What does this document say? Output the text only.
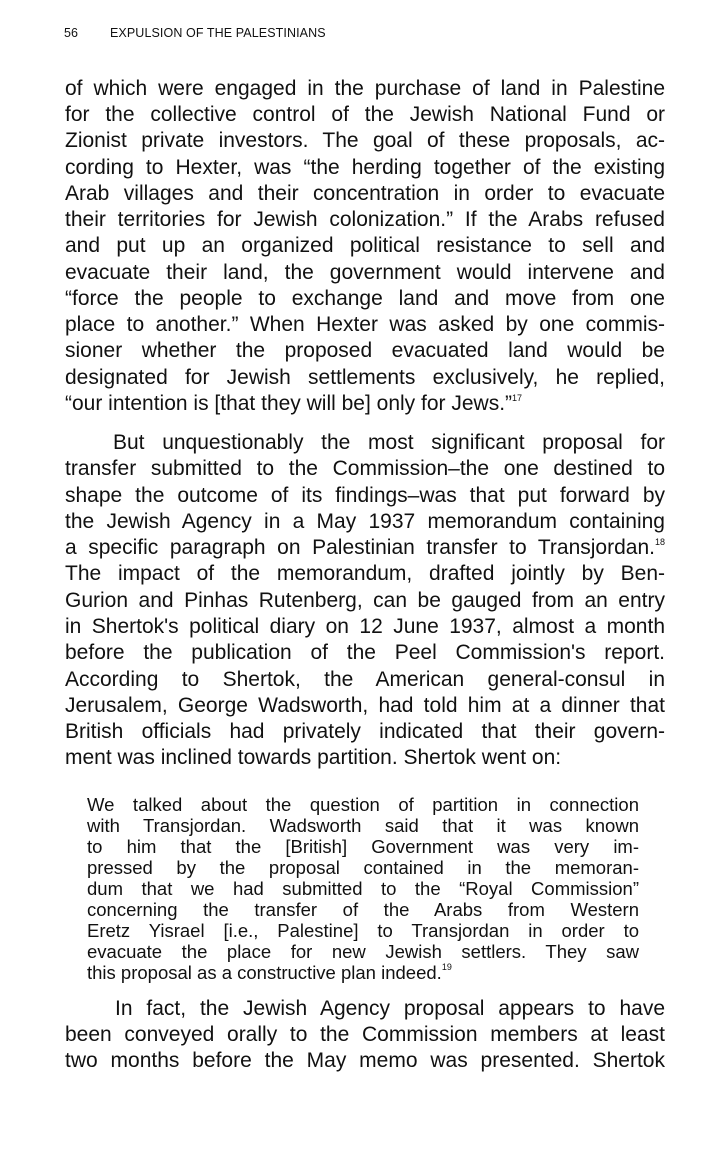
56	EXPULSION OF THE PALESTINIANS
of which were engaged in the purchase of land in Palestine
for the collective control of the Jewish National Fund or
Zionist private investors. The goal of these proposals, ac-
cording to Hexter, was “the herding together of the existing
Arab villages and their concentration in order to evacuate
their territories for Jewish colonization.” If the Arabs refused
and put up an organized political resistance to sell and
evacuate their land, the government would intervene and
“force the people to exchange land and move from one
place to another.” When Hexter was asked by one commis-
sioner whether the proposed evacuated land would be
designated for Jewish settlements exclusively, he replied,
“our intention is [that they will be] only for Jews.”$^{17}$
But unquestionably the most significant proposal for
transfer submitted to the Commission–the one destined to
shape the outcome of its findings–was that put forward by
the Jewish Agency in a May 1937 memorandum containing
a specific paragraph on Palestinian transfer to Transjordan.$^{18}$
The impact of the memorandum, drafted jointly by Ben-
Gurion and Pinhas Rutenberg, can be gauged from an entry
in Shertok's political diary on 12 June 1937, almost a month
before the publication of the Peel Commission's report.
According to Shertok, the American general-consul in
Jerusalem, George Wadsworth, had told him at a dinner that
British officials had privately indicated that their govern-
ment was inclined towards partition. Shertok went on:
We talked about the question of partition in connection
with Transjordan. Wadsworth said that it was known
to him that the [British] Government was very im-
pressed by the proposal contained in the memoran-
dum that we had submitted to the “Royal Commission”
concerning the transfer of the Arabs from Western
Eretz Yisrael [i.e., Palestine] to Transjordan in order to
evacuate the place for new Jewish settlers. They saw
this proposal as a constructive plan indeed.$^{19}$
In fact, the Jewish Agency proposal appears to have
been conveyed orally to the Commission members at least
two months before the May memo was presented. Shertok
